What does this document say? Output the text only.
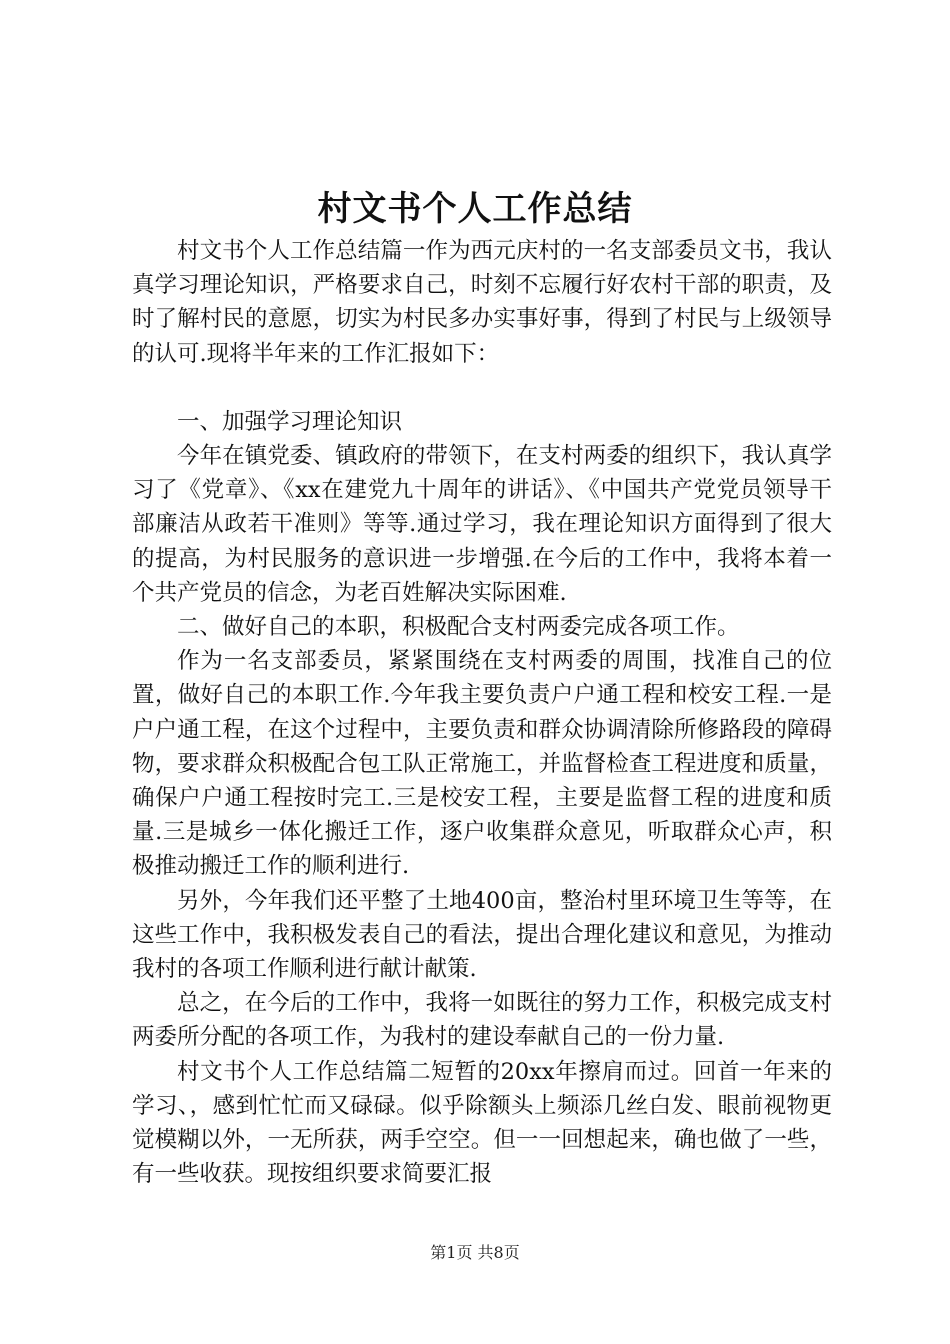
村文书个人工作总结

村文书个人工作总结篇一作为西元庆村的一名支部委员文书，我认真学习理论知识，严格要求自己，时刻不忘履行好农村干部的职责，及时了解村民的意愿，切实为村民多办实事好事，得到了村民与上级领导的认可.现将半年来的工作汇报如下：

一、加强学习理论知识

今年在镇党委、镇政府的带领下，在支村两委的组织下，我认真学习了《党章》、《xx在建党九十周年的讲话》、《中国共产党党员领导干部廉洁从政若干准则》等等.通过学习，我在理论知识方面得到了很大的提高，为村民服务的意识进一步增强.在今后的工作中，我将本着一个共产党员的信念，为老百姓解决实际困难.

二、做好自己的本职，积极配合支村两委完成各项工作。

作为一名支部委员，紧紧围绕在支村两委的周围，找准自己的位置，做好自己的本职工作.今年我主要负责户户通工程和校安工程.一是户户通工程，在这个过程中，主要负责和群众协调清除所修路段的障碍物，要求群众积极配合包工队正常施工，并监督检查工程进度和质量，确保户户通工程按时完工.三是校安工程，主要是监督工程的进度和质量.三是城乡一体化搬迁工作，逐户收集群众意见，听取群众心声，积极推动搬迁工作的顺利进行.

另外，今年我们还平整了土地400亩，整治村里环境卫生等等，在这些工作中，我积极发表自己的看法，提出合理化建议和意见，为推动我村的各项工作顺利进行献计献策.

总之，在今后的工作中，我将一如既往的努力工作，积极完成支村两委所分配的各项工作，为我村的建设奉献自己的一份力量.

村文书个人工作总结篇二短暂的20xx年擦肩而过。回首一年来的学习、，感到忙忙而又碌碌。似乎除额头上频添几丝白发、眼前视物更觉模糊以外，一无所获，两手空空。但一一回想起来，确也做了一些，有一些收获。现按组织要求简要汇报

第1页 共8页
